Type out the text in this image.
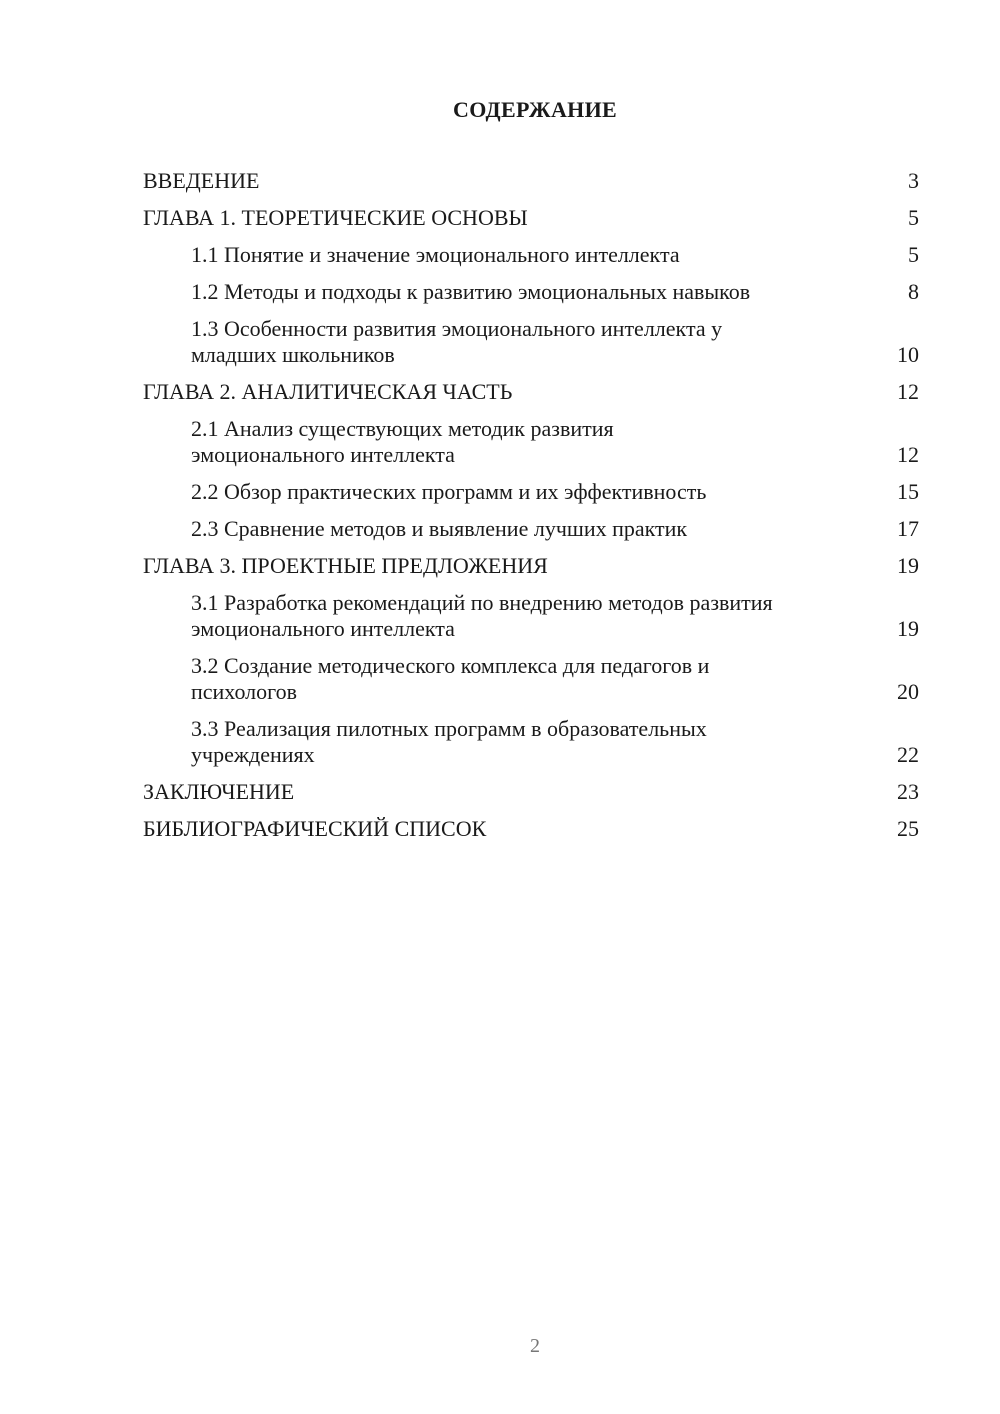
СОДЕРЖАНИЕ
ВВЕДЕНИЕ	3
ГЛАВА 1. ТЕОРЕТИЧЕСКИЕ ОСНОВЫ	5
1.1 Понятие и значение эмоционального интеллекта	5
1.2 Методы и подходы к развитию эмоциональных навыков	8
1.3 Особенности развития эмоционального интеллекта у младших школьников	10
ГЛАВА 2. АНАЛИТИЧЕСКАЯ ЧАСТЬ	12
2.1 Анализ существующих методик развития эмоционального интеллекта	12
2.2 Обзор практических программ и их эффективность	15
2.3 Сравнение методов и выявление лучших практик	17
ГЛАВА 3. ПРОЕКТНЫЕ ПРЕДЛОЖЕНИЯ	19
3.1 Разработка рекомендаций по внедрению методов развития эмоционального интеллекта	19
3.2 Создание методического комплекса для педагогов и психологов	20
3.3 Реализация пилотных программ в образовательных учреждениях	22
ЗАКЛЮЧЕНИЕ	23
БИБЛИОГРАФИЧЕСКИЙ СПИСОК	25
2
